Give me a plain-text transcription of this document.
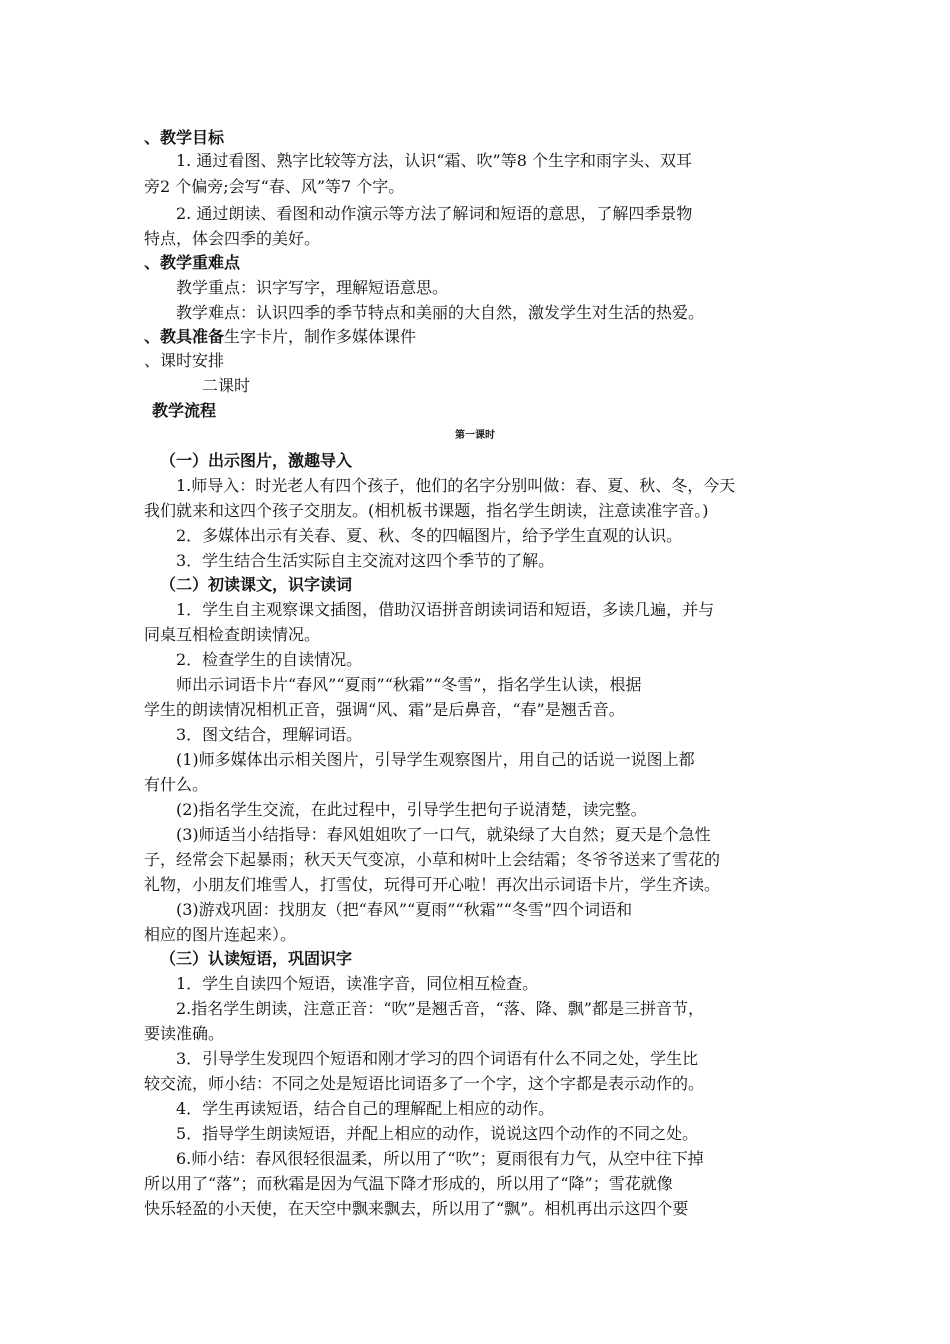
、教学目标
1. 通过看图、熟字比较等方法，认识“霜、吹”等8 个生字和雨字头、双耳
旁2 个偏旁;会写“春、风”等7 个字。
2. 通过朗读、看图和动作演示等方法了解词和短语的意思，了解四季景物
特点，体会四季的美好。
、教学重难点
教学重点：识字写字，理解短语意思。
教学难点：认识四季的季节特点和美丽的大自然，激发学生对生活的热爱。
、教具准备生字卡片，制作多媒体课件
、课时安排
二课时
教学流程
第一课时
（一）出示图片，激趣导入
1.师导入：时光老人有四个孩子，他们的名字分别叫做：春、夏、秋、冬，今天
我们就来和这四个孩子交朋友。(相机板书课题，指名学生朗读，注意读准字音。)
2．多媒体出示有关春、夏、秋、冬的四幅图片，给予学生直观的认识。
3．学生结合生活实际自主交流对这四个季节的了解。
（二）初读课文，识字读词
1．学生自主观察课文插图，借助汉语拼音朗读词语和短语，多读几遍，并与
同桌互相检查朗读情况。
2．检查学生的自读情况。
师出示词语卡片“春风”“夏雨”“秋霜”“冬雪”，指名学生认读，根据
学生的朗读情况相机正音，强调“风、霜”是后鼻音，“春”是翘舌音。
3．图文结合，理解词语。
(1)师多媒体出示相关图片，引导学生观察图片，用自己的话说一说图上都
有什么。
(2)指名学生交流，在此过程中，引导学生把句子说清楚，读完整。
(3)师适当小结指导：春风姐姐吹了一口气，就染绿了大自然；夏天是个急性
子，经常会下起暴雨；秋天天气变凉，小草和树叶上会结霜；冬爷爷送来了雪花的
礼物，小朋友们堆雪人，打雪仗，玩得可开心啦！再次出示词语卡片，学生齐读。
(3)游戏巩固：找朋友（把“春风”“夏雨”“秋霜”“冬雪”四个词语和
相应的图片连起来）。
（三）认读短语，巩固识字
1．学生自读四个短语，读准字音，同位相互检查。
2.指名学生朗读，注意正音：“吹”是翘舌音，“落、降、飘”都是三拼音节，
要读准确。
3．引导学生发现四个短语和刚才学习的四个词语有什么不同之处，学生比
较交流，师小结：不同之处是短语比词语多了一个字，这个字都是表示动作的。
4．学生再读短语，结合自己的理解配上相应的动作。
5．指导学生朗读短语，并配上相应的动作，说说这四个动作的不同之处。
6.师小结：春风很轻很温柔，所以用了“吹”；夏雨很有力气，从空中往下掉
所以用了“落”；而秋霜是因为气温下降才形成的，所以用了“降”；雪花就像
快乐轻盈的小天使，在天空中飘来飘去，所以用了“飘”。相机再出示这四个要
